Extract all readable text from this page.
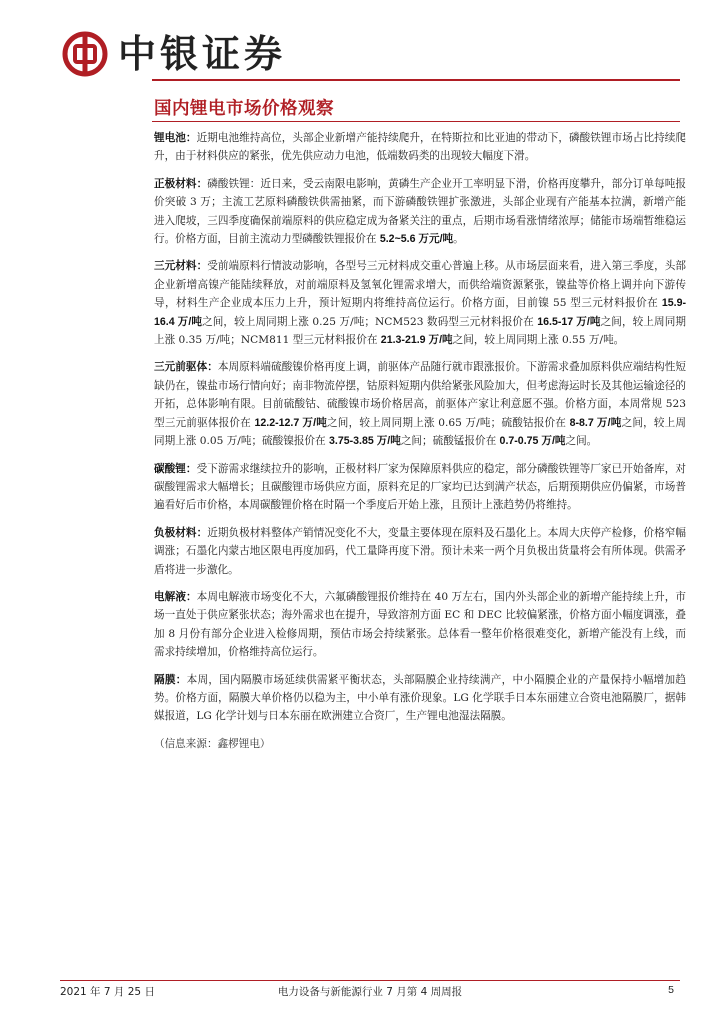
中银证券
国内锂电市场价格观察

锂电池：近期电池维持高位，头部企业新增产能持续爬升，在特斯拉和比亚迪的带动下，磷酸铁锂市场占比持续爬升，由于材料供应的紧张，优先供应动力电池，低端数码类的出现较大幅度下滑。

正极材料：磷酸铁锂：近日来，受云南限电影响，黄磷生产企业开工率明显下滑，价格再度攀升，部分订单每吨报价突破 3 万；主流工艺原料磷酸铁供需抽紧，而下游磷酸铁锂扩张激进，头部企业现有产能基本拉满，新增产能进入爬坡，三四季度确保前端原料的供应稳定成为备紧关注的重点，后期市场看涨情绪浓厚；储能市场端暂维稳运行。价格方面，目前主流动力型磷酸铁锂报价在 5.2~5.6 万元/吨。

三元材料：受前端原料行情波动影响，各型号三元材料成交重心普遍上移。从市场层面来看，进入第三季度，头部企业新增高镍产能陆续释放，对前端原料及氢氧化锂需求增大，而供给端资源紧张，镍盐等价格上调并向下游传导，材料生产企业成本压力上升，预计短期内将维持高位运行。价格方面，目前镍 55 型三元材料报价在 15.9-16.4 万/吨之间，较上周同期上涨 0.25 万/吨；NCM523 数码型三元材料报价在 16.5-17 万/吨之间，较上周同期上涨 0.35 万/吨；NCM811 型三元材料报价在 21.3-21.9 万/吨之间，较上周同期上涨 0.55 万/吨。

三元前驱体：本周原料端硫酸镍价格再度上调，前驱体产品随行就市跟涨报价。下游需求叠加原料供应端结构性短缺仍在，镍盐市场行情向好；南非物流停摆，钴原料短期内供给紧张风险加大，但考虑海运时长及其他运输途径的开拓，总体影响有限。目前硫酸钴、硫酸镍市场价格居高，前驱体产家让利意愿不强。价格方面，本周常规 523 型三元前驱体报价在 12.2-12.7 万/吨之间，较上周同期上涨 0.65 万/吨；硫酸钴报价在 8-8.7 万/吨之间，较上周同期上涨 0.05 万/吨；硫酸镍报价在 3.75-3.85 万/吨之间；硫酸锰报价在 0.7-0.75 万/吨之间。

碳酸锂：受下游需求继续拉升的影响，正极材料厂家为保障原料供应的稳定，部分磷酸铁锂等厂家已开始备库，对碳酸锂需求大幅增长；且碳酸锂市场供应方面，原料充足的厂家均已达到满产状态，后期预期供应仍偏紧，市场普遍看好后市价格，本周碳酸锂价格在时隔一个季度后开始上涨，且预计上涨趋势仍将维持。

负极材料：近期负极材料整体产销情况变化不大，变量主要体现在原料及石墨化上。本周大庆停产检修，价格窄幅调涨；石墨化内蒙古地区限电再度加码，代工量降再度下滑。预计未来一两个月负极出货量将会有所体现。供需矛盾将进一步激化。

电解液：本周电解液市场变化不大，六氟磷酸锂报价维持在 40 万左右，国内外头部企业的新增产能持续上升，市场一直处于供应紧张状态；海外需求也在提升，导致溶剂方面 EC 和 DEC 比较偏紧涨，价格方面小幅度调涨，叠加 8 月份有部分企业进入检修周期，预估市场会持续紧张。总体看一整年价格很难变化，新增产能没有上线，而需求持续增加，价格维持高位运行。

隔膜：本周，国内隔膜市场延续供需紧平衡状态，头部隔膜企业持续满产，中小隔膜企业的产量保持小幅增加趋势。价格方面，隔膜大单价格仍以稳为主，中小单有涨价现象。LG 化学联手日本东丽建立合资电池隔膜厂，据韩媒报道，LG 化学计划与日本东丽在欧洲建立合资厂，生产锂电池湿法隔膜。

（信息来源：鑫椤锂电）
2021 年 7 月 25 日	电力设备与新能源行业 7 月第 4 周周报	5
